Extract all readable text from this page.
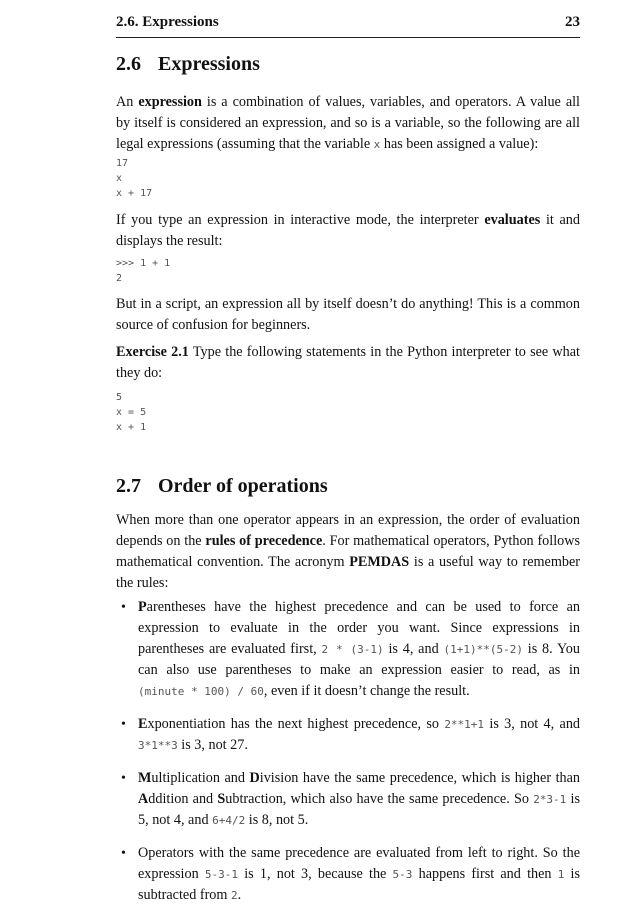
2.6. Expressions	23
2.6 Expressions

An expression is a combination of values, variables, and operators. A value all by itself is considered an expression, and so is a variable, so the following are all legal expressions (assuming that the variable x has been assigned a value):

17
x
x + 17

If you type an expression in interactive mode, the interpreter evaluates it and displays the result:

>>> 1 + 1
2

But in a script, an expression all by itself doesn’t do anything! This is a common source of confusion for beginners.

Exercise 2.1 Type the following statements in the Python interpreter to see what they do:

5
x = 5
x + 1
2.7 Order of operations

When more than one operator appears in an expression, the order of evaluation depends on the rules of precedence. For mathematical operators, Python follows mathematical convention. The acronym PEMDAS is a useful way to remember the rules:

• Parentheses have the highest precedence and can be used to force an expression to evaluate in the order you want. Since expressions in parentheses are evaluated first, 2 * (3-1) is 4, and (1+1)**(5-2) is 8. You can also use parentheses to make an expression easier to read, as in (minute * 100) / 60, even if it doesn’t change the result.
• Exponentiation has the next highest precedence, so 2**1+1 is 3, not 4, and 3*1**3 is 3, not 27.
• Multiplication and Division have the same precedence, which is higher than Addition and Subtraction, which also have the same precedence. So 2*3-1 is 5, not 4, and 6+4/2 is 8, not 5.
• Operators with the same precedence are evaluated from left to right. So the expression 5-3-1 is 1, not 3, because the 5-3 happens first and then 1 is subtracted from 2.
